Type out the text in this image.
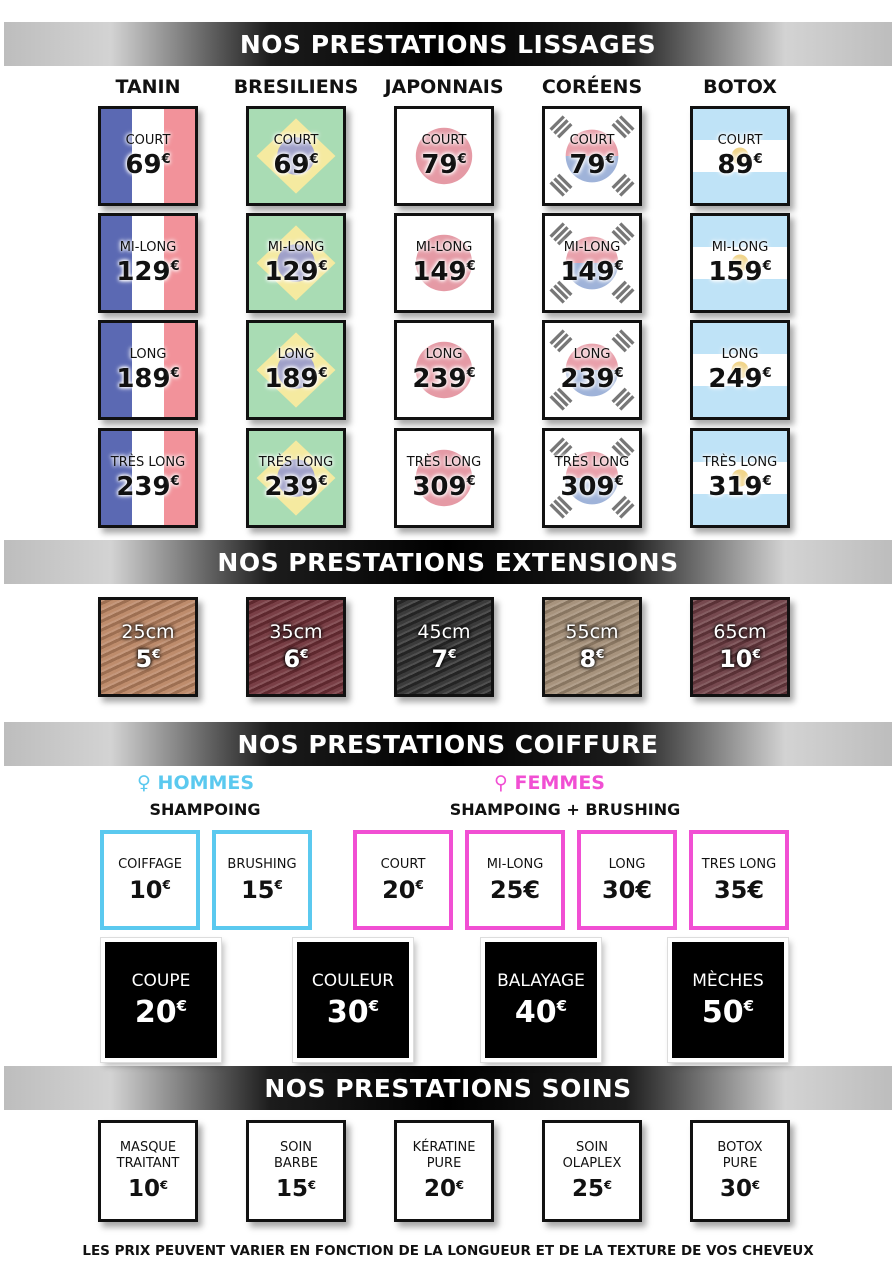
NOS PRESTATIONS LISSAGES
NOS PRESTATIONS EXTENSIONS
NOS PRESTATIONS COIFFURE
NOS PRESTATIONS SOINS
TANIN
COURT
69€
MI-LONG
129€
LONG
189€
TRÈS LONG
239€
BRESILIENS
COURT
69€
MI-LONG
129€
LONG
189€
TRÈS LONG
239€
JAPONNAIS
COURT
79€
MI-LONG
149€
LONG
239€
TRÈS LONG
309€
CORÉENS
COURT
79€
MI-LONG
149€
LONG
239€
TRÈS LONG
309€
BOTOX
COURT
89€
MI-LONG
159€
LONG
249€
TRÈS LONG
319€
25cm
5€
35cm
6€
45cm
7€
55cm
8€
65cm
10€
♀ HOMMES
SHAMPOING
⚲ FEMMES
SHAMPOING + BRUSHING
COIFFAGE
10€
BRUSHING
15€
COURT
20€
MI-LONG
25€
LONG
30€
TRES LONG
35€
COUPE
20€
COULEUR
30€
BALAYAGE
40€
MÈCHES
50€
MASQUE
TRAITANT
10€
SOIN
BARBE
15€
KÉRATINE
PURE
20€
SOIN
OLAPLEX
25€
BOTOX
PURE
30€
LES PRIX PEUVENT VARIER EN FONCTION DE LA LONGUEUR ET DE LA TEXTURE DE VOS CHEVEUX
